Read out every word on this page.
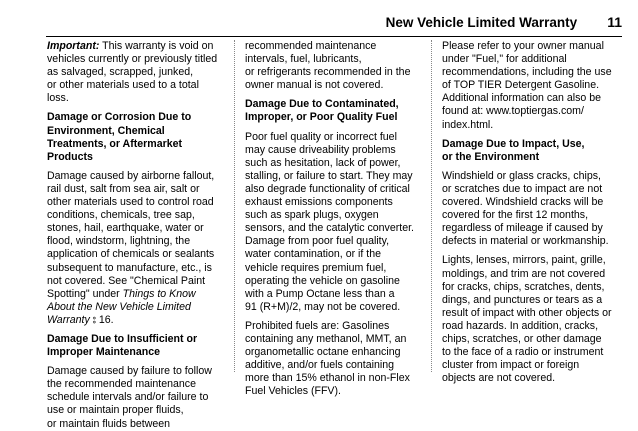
New Vehicle Limited Warranty 11

Important: This warranty is void on
vehicles currently or previously titled
as salvaged, scrapped, junked,
or other materials used to a total loss.

Damage or Corrosion Due to
Environment, Chemical
Treatments, or Aftermarket
Products

Damage caused by airborne fallout,
rail dust, salt from sea air, salt or
other materials used to control road
conditions, chemicals, tree sap,
stones, hail, earthquake, water or
flood, windstorm, lightning, the
application of chemicals or sealants
subsequent to manufacture, etc., is
not covered. See "Chemical Paint
Spotting" under Things to Know
About the New Vehicle Limited
Warranty ⦂ 16.

Damage Due to Insufficient or
Improper Maintenance

Damage caused by failure to follow
the recommended maintenance
schedule intervals and/or failure to
use or maintain proper fluids,
or maintain fluids between

recommended maintenance
intervals, fuel, lubricants,
or refrigerants recommended in the
owner manual is not covered.

Damage Due to Contaminated,
Improper, or Poor Quality Fuel

Poor fuel quality or incorrect fuel
may cause driveability problems
such as hesitation, lack of power,
stalling, or failure to start. They may
also degrade functionality of critical
exhaust emissions components
such as spark plugs, oxygen
sensors, and the catalytic converter.
Damage from poor fuel quality,
water contamination, or if the
vehicle requires premium fuel,
operating the vehicle on gasoline
with a Pump Octane less than a
91 (R+M)/2, may not be covered.

Prohibited fuels are: Gasolines
containing any methanol, MMT, an
organometallic octane enhancing
additive, and/or fuels containing
more than 15% ethanol in non-Flex
Fuel Vehicles (FFV).

Please refer to your owner manual
under "Fuel," for additional
recommendations, including the use
of TOP TIER Detergent Gasoline.
Additional information can also be
found at: www.toptiergas.com/
index.html.

Damage Due to Impact, Use,
or the Environment

Windshield or glass cracks, chips,
or scratches due to impact are not
covered. Windshield cracks will be
covered for the first 12 months,
regardless of mileage if caused by
defects in material or workmanship.

Lights, lenses, mirrors, paint, grille,
moldings, and trim are not covered
for cracks, chips, scratches, dents,
dings, and punctures or tears as a
result of impact with other objects or
road hazards. In addition, cracks,
chips, scratches, or other damage
to the face of a radio or instrument
cluster from impact or foreign
objects are not covered.
